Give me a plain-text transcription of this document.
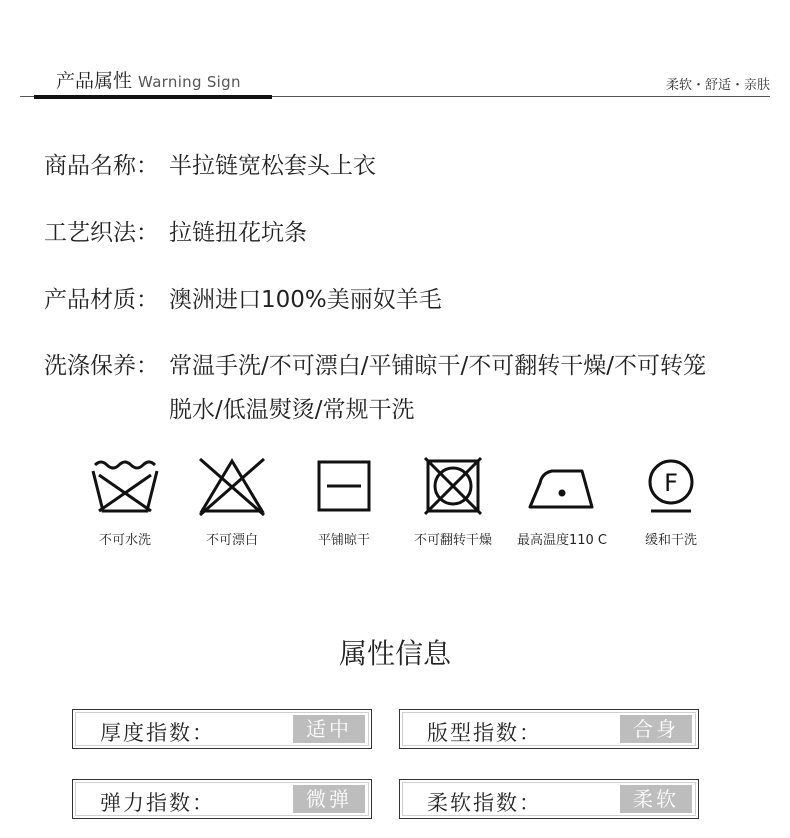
产品属性 Warning Sign	柔软・舒适・亲肤
商品名称： 半拉链宽松套头上衣
工艺织法： 拉链扭花坑条
产品材质： 澳洲进口100%美丽奴羊毛
洗涤保养： 常温手洗/不可漂白/平铺晾干/不可翻转干燥/不可转笼
脱水/低温熨烫/常规干洗
不可水洗	不可漂白	平铺晾干	不可翻转干燥	最高温度110 C
F
缓和干洗
属性信息
厚度指数：	适中	版型指数：	合身
弹力指数：	微弹	柔软指数：	柔软
